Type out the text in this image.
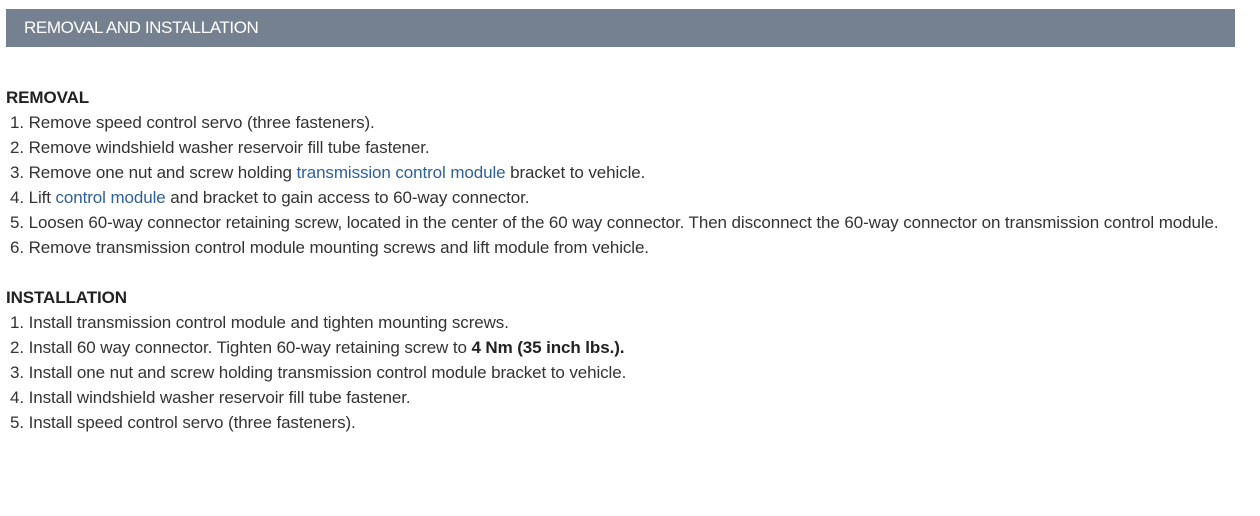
REMOVAL AND INSTALLATION
REMOVAL
1. Remove speed control servo (three fasteners).
2. Remove windshield washer reservoir fill tube fastener.
3. Remove one nut and screw holding transmission control module bracket to vehicle.
4. Lift control module and bracket to gain access to 60-way connector.
5. Loosen 60-way connector retaining screw, located in the center of the 60 way connector. Then disconnect the 60-way connector on transmission control module.
6. Remove transmission control module mounting screws and lift module from vehicle.
INSTALLATION
1. Install transmission control module and tighten mounting screws.
2. Install 60 way connector. Tighten 60-way retaining screw to 4 Nm (35 inch lbs.).
3. Install one nut and screw holding transmission control module bracket to vehicle.
4. Install windshield washer reservoir fill tube fastener.
5. Install speed control servo (three fasteners).
